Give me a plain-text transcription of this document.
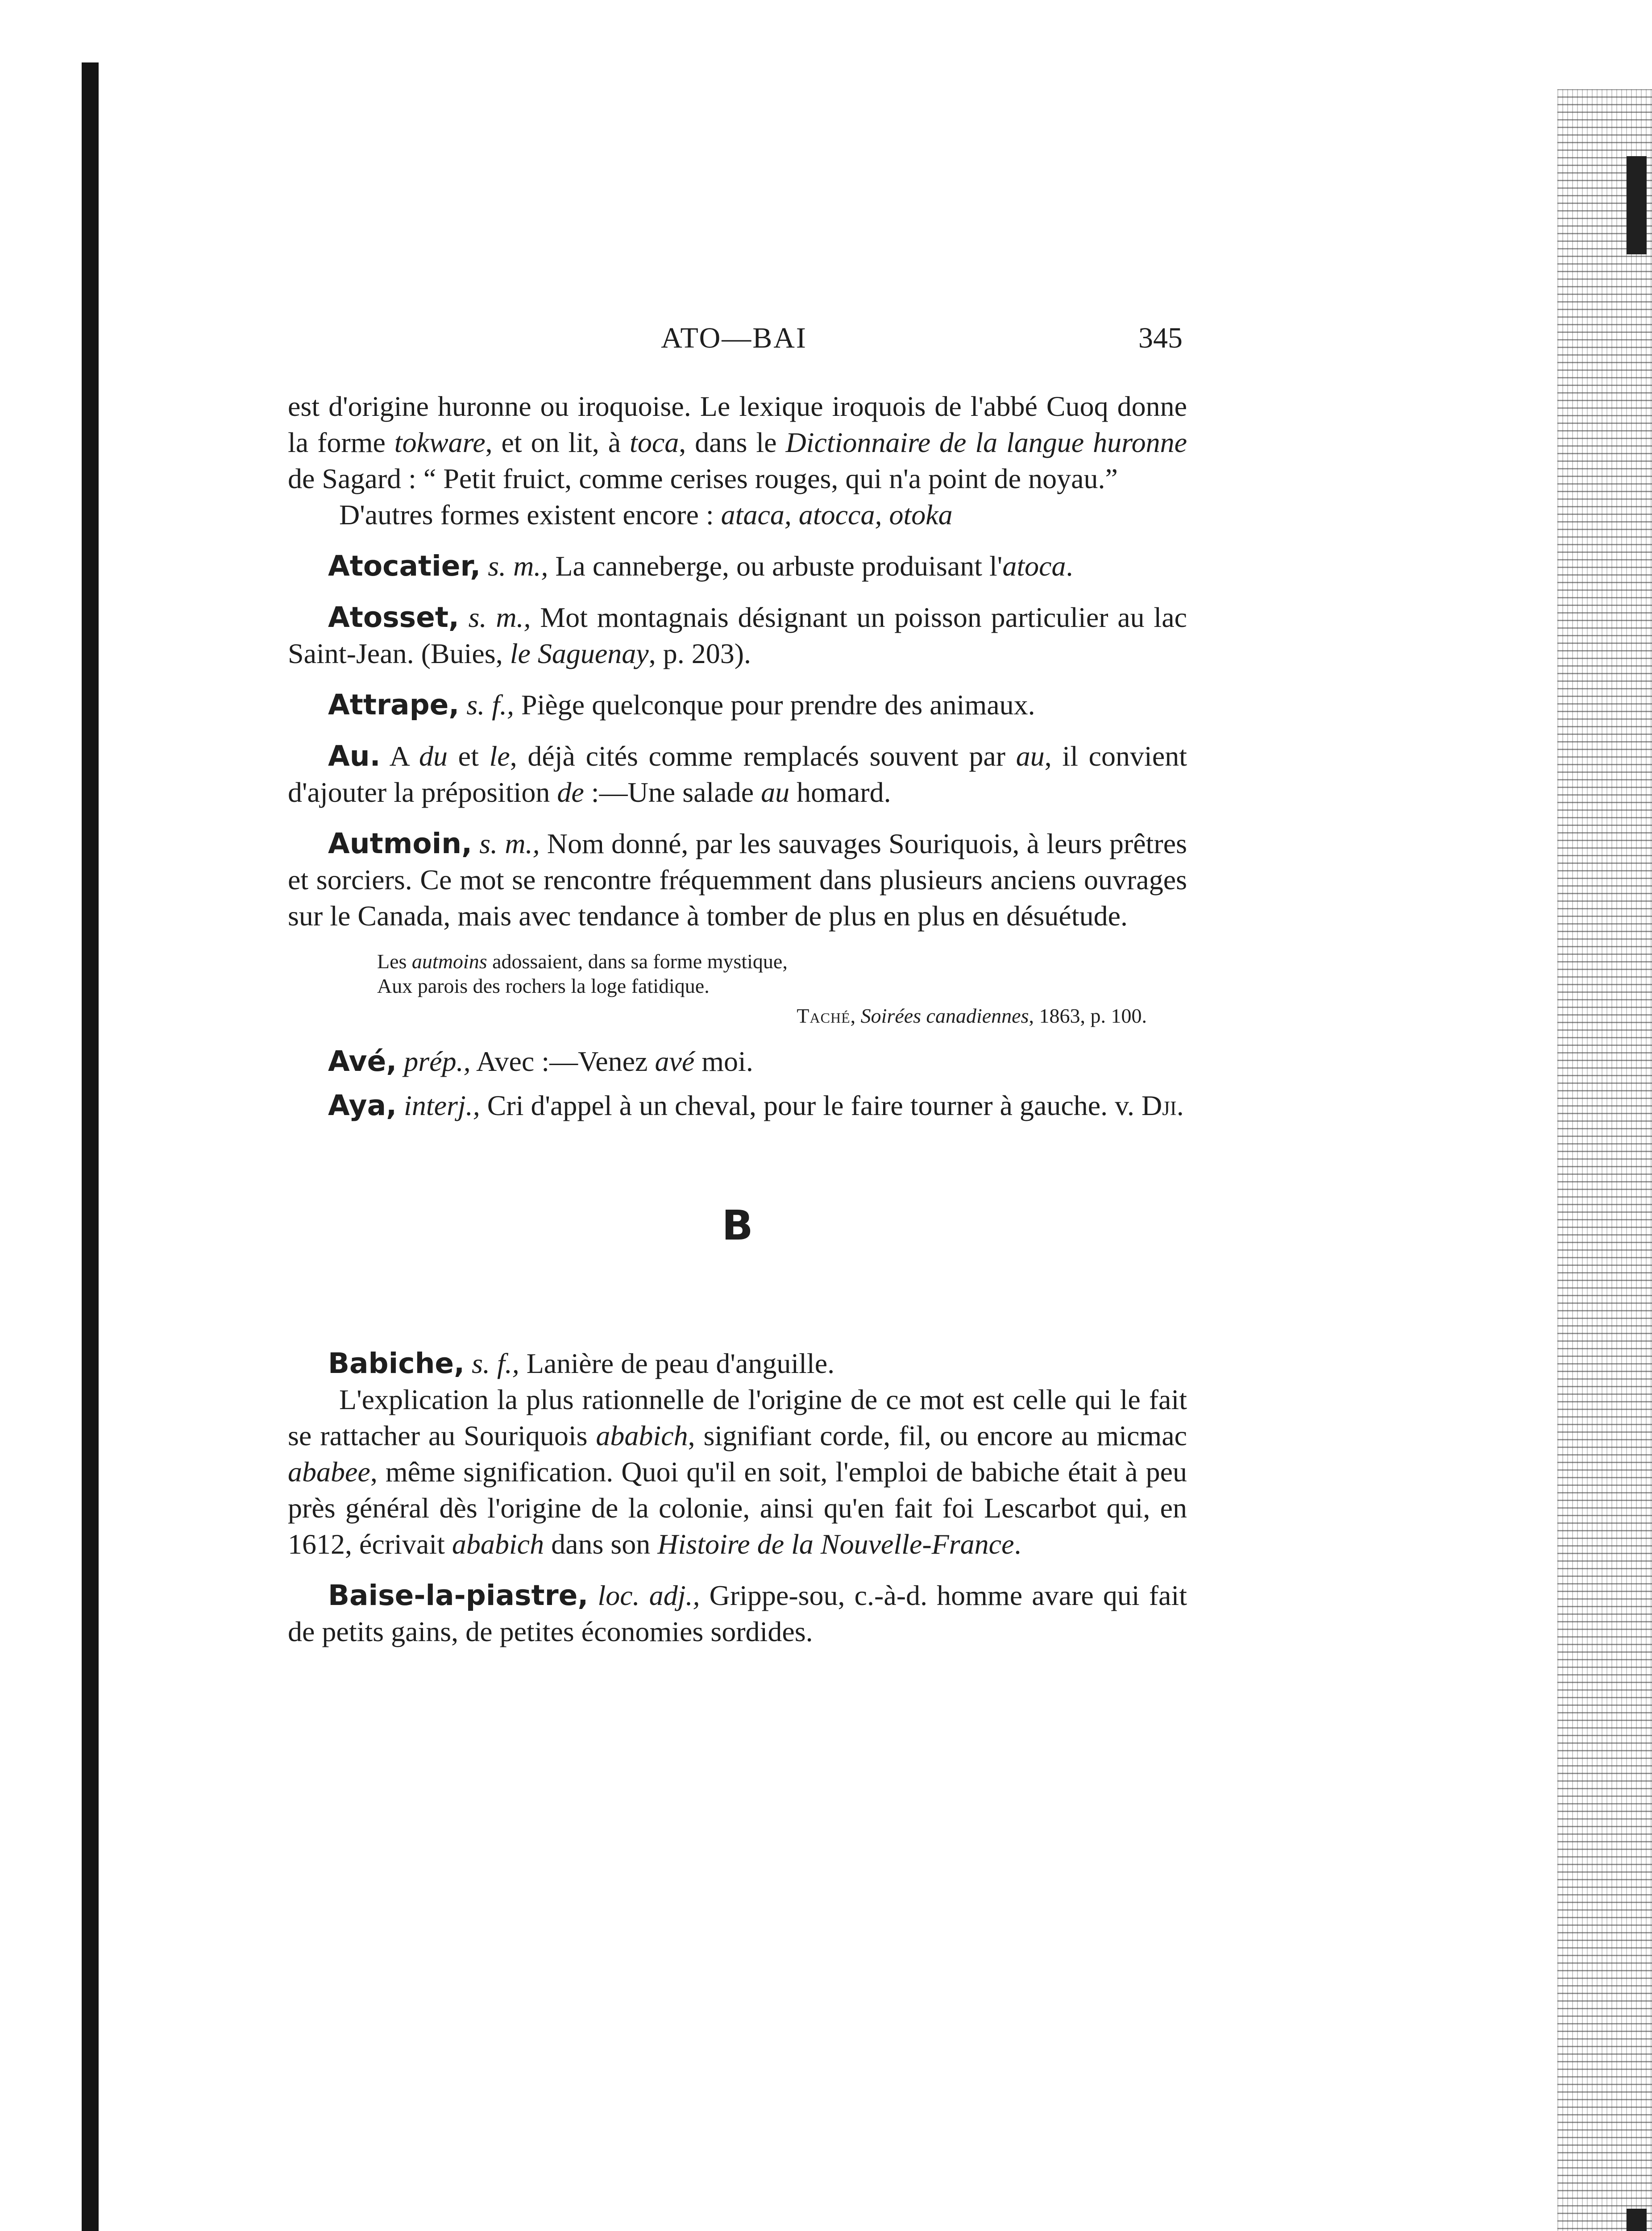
ATO—BAI	345

est d'origine huronne ou iroquoise. Le lexique iroquois de l'abbé Cuoq donne la forme tokware, et on lit, à toca, dans le Dictionnaire de la langue huronne de Sagard : “ Petit fruict, comme cerises rouges, qui n'a point de noyau.”

D'autres formes existent encore : ataca, atocca, otoka

Atocatier, s. m., La canneberge, ou arbuste produisant l'atoca.

Atosset, s. m., Mot montagnais désignant un poisson particulier au lac Saint-Jean. (Buies, le Saguenay, p. 203).

Attrape, s. f., Piège quelconque pour prendre des animaux.

Au. A du et le, déjà cités comme remplacés souvent par au, il convient d'ajouter la préposition de :—Une salade au homard.

Autmoin, s. m., Nom donné, par les sauvages Souriquois, à leurs prêtres et sorciers. Ce mot se rencontre fréquemment dans plusieurs anciens ouvrages sur le Canada, mais avec tendance à tomber de plus en plus en désuétude.

Les autmoins adossaient, dans sa forme mystique,
Aux parois des rochers la loge fatidique.
Taché, Soirées canadiennes, 1863, p. 100.

Avé, prép., Avec :—Venez avé moi.

Aya, interj., Cri d'appel à un cheval, pour le faire tourner à gauche. v. Dji.

B

Babiche, s. f., Lanière de peau d'anguille.

L'explication la plus rationnelle de l'origine de ce mot est celle qui le fait se rattacher au Souriquois ababich, signifiant corde, fil, ou encore au micmac ababee, même signification. Quoi qu'il en soit, l'emploi de babiche était à peu près général dès l'origine de la colonie, ainsi qu'en fait foi Lescarbot qui, en 1612, écrivait ababich dans son Histoire de la Nouvelle-France.

Baise-la-piastre, loc. adj., Grippe-sou, c.-à-d. homme avare qui fait de petits gains, de petites économies sordides.
